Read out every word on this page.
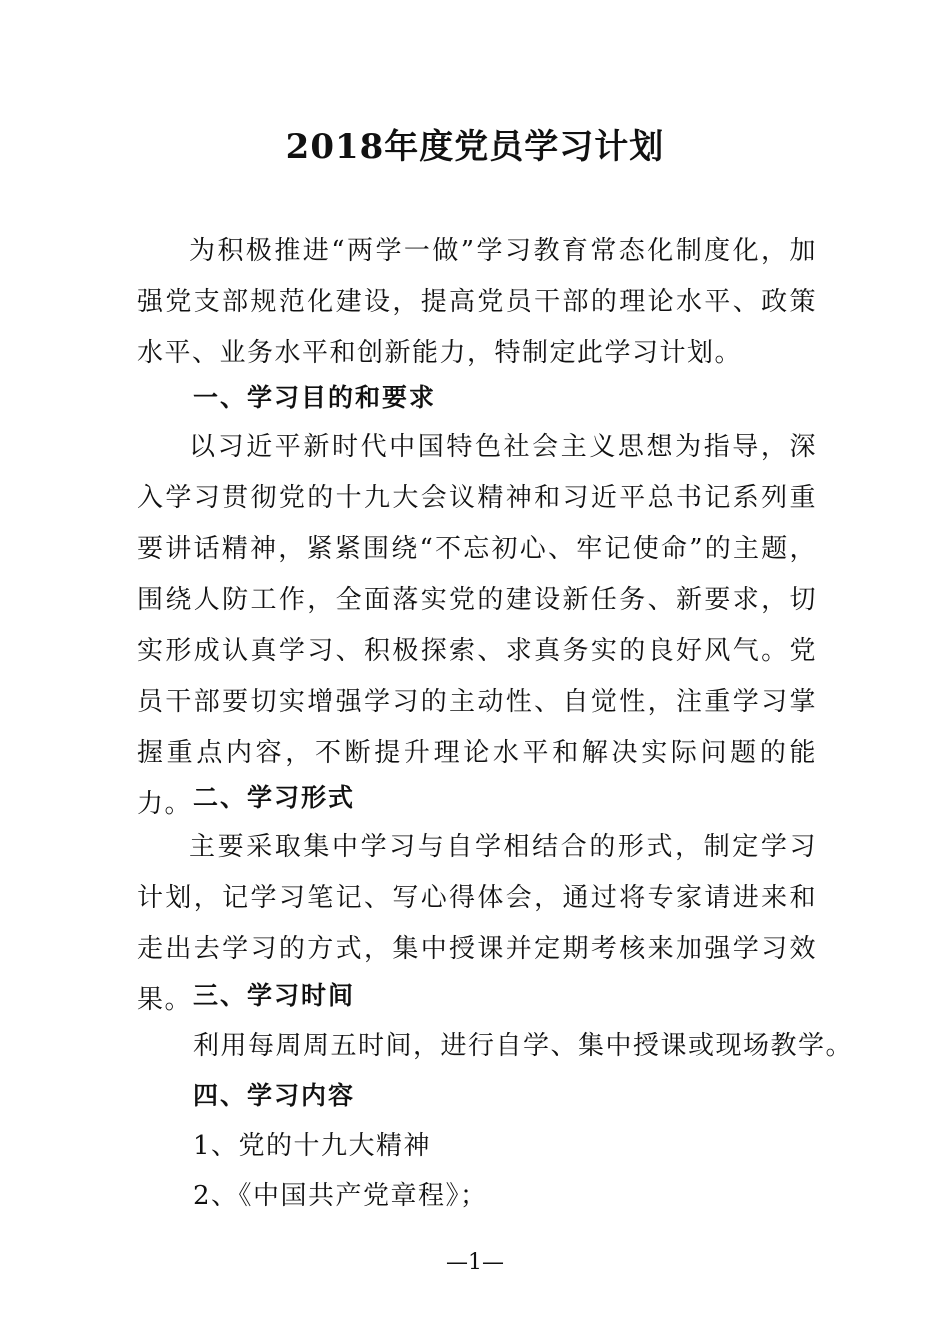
2018年度党员学习计划

为积极推进“两学一做”学习教育常态化制度化，加强党支部规范化建设，提高党员干部的理论水平、政策水平、业务水平和创新能力，特制定此学习计划。

一、学习目的和要求

以习近平新时代中国特色社会主义思想为指导，深入学习贯彻党的十九大会议精神和习近平总书记系列重要讲话精神，紧紧围绕“不忘初心、牢记使命”的主题，围绕人防工作，全面落实党的建设新任务、新要求，切实形成认真学习、积极探索、求真务实的良好风气。党员干部要切实增强学习的主动性、自觉性，注重学习掌握重点内容，不断提升理论水平和解决实际问题的能力。 二、学习形式

主要采取集中学习与自学相结合的形式，制定学习计划，记学习笔记、写心得体会，通过将专家请进来和走出去学习的方式，集中授课并定期考核来加强学习效果。 三、学习时间
利用每周周五时间，进行自学、集中授课或现场教学。
四、学习内容
1、党的十九大精神
2、《中国共产党章程》；
—1—
